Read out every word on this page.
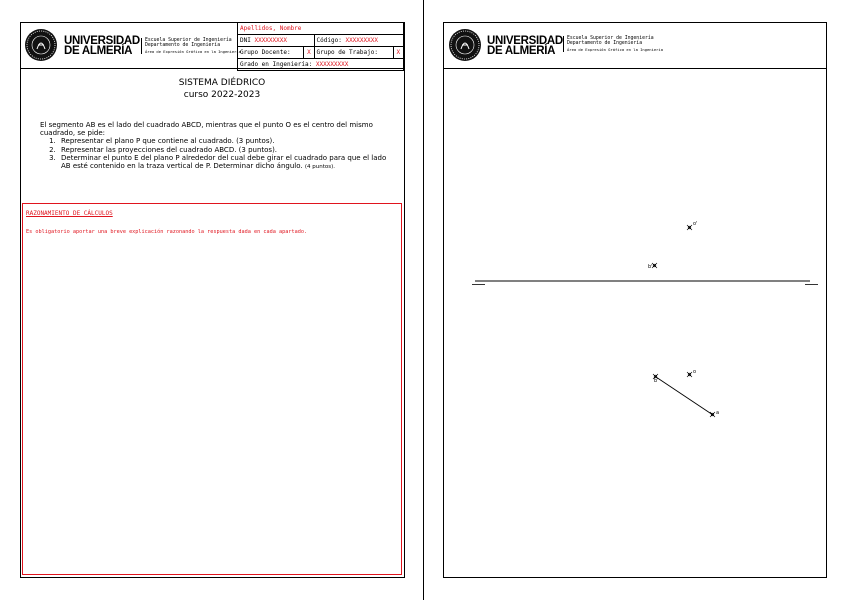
UNIVERSIDAD
DE ALMERÍA
Escuela Superior de Ingeniería
Departamento de Ingeniería
Área de Expresión Gráfica en la Ingeniería
Apellidos, Nombre			
DNI XXXXXXXXX		Código: XXXXXXXXX	
Grupo Docente:	X	Grupo de Trabajo:	X
Grado en Ingeniería: XXXXXXXXX			
SISTEMA DIÉDRICO
curso 2022-2023

El segmento AB es el lado del cuadrado ABCD, mientras que el punto O es el centro del mismo cuadrado, se pide:

1. Representar el plano P que contiene al cuadrado. (3 puntos).
2. Representar las proyecciones del cuadrado ABCD. (3 puntos).
3. Determinar el punto E del plano P alrededor del cual debe girar el cuadrado para que el lado AB esté contenido en la traza vertical de P. Determinar dicho ángulo. (4 puntos).
RAZONAMIENTO DE CÁLCULOS
Es obligatorio aportar una breve explicación razonando la respuesta dada en cada apartado.
UNIVERSIDAD
DE ALMERÍA
Escuela Superior de Ingeniería
Departamento de Ingeniería
Área de Expresión Gráfica en la Ingeniería
o'
b'
b
o
a
